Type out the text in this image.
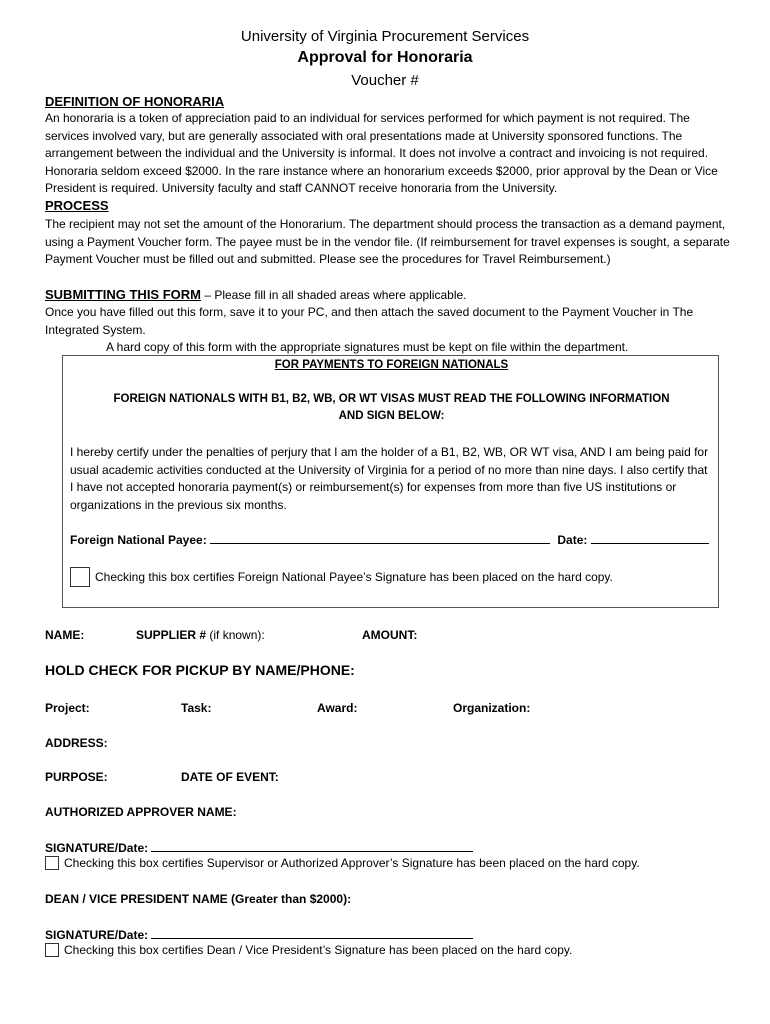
University of Virginia Procurement Services
Approval for Honoraria
Voucher #
DEFINITION OF HONORARIA
An honoraria is a token of appreciation paid to an individual for services performed for which payment is not required. The services involved vary, but are generally associated with oral presentations made at University sponsored functions. The arrangement between the individual and the University is informal. It does not involve a contract and invoicing is not required. Honoraria seldom exceed $2000. In the rare instance where an honorarium exceeds $2000, prior approval by the Dean or Vice President is required. University faculty and staff CANNOT receive honoraria from the University.
PROCESS
The recipient may not set the amount of the Honorarium. The department should process the transaction as a demand payment, using a Payment Voucher form. The payee must be in the vendor file. (If reimbursement for travel expenses is sought, a separate Payment Voucher must be filled out and submitted. Please see the procedures for Travel Reimbursement.)
SUBMITTING THIS FORM – Please fill in all shaded areas where applicable.
Once you have filled out this form, save it to your PC, and then attach the saved document to the Payment Voucher in The Integrated System.
A hard copy of this form with the appropriate signatures must be kept on file within the department.
FOR PAYMENTS TO FOREIGN NATIONALS
FOREIGN NATIONALS WITH B1, B2, WB, OR WT VISAS MUST READ THE FOLLOWING INFORMATION
AND SIGN BELOW:
I hereby certify under the penalties of perjury that I am the holder of a B1, B2, WB, OR WT visa, AND I am being paid for usual academic activities conducted at the University of Virginia for a period of no more than nine days. I also certify that I have not accepted honoraria payment(s) or reimbursement(s) for expenses from more than five US institutions or organizations in the previous six months.
Foreign National Payee:	Date:
Checking this box certifies Foreign National Payee’s Signature has been placed on the hard copy.
NAME:	SUPPLIER # (if known):	AMOUNT:
HOLD CHECK FOR PICKUP BY NAME/PHONE:
Project:	Task:	Award:	Organization:
ADDRESS:
PURPOSE:	DATE OF EVENT:
AUTHORIZED APPROVER NAME:
SIGNATURE/Date:
Checking this box certifies Supervisor or Authorized Approver’s Signature has been placed on the hard copy.
DEAN / VICE PRESIDENT NAME (Greater than $2000):
SIGNATURE/Date:
Checking this box certifies Dean / Vice President’s Signature has been placed on the hard copy.
